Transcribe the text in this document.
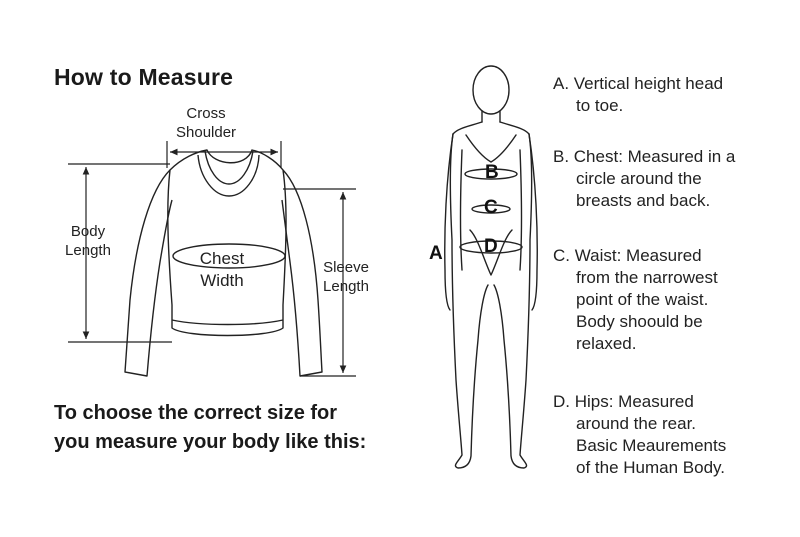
How to Measure
Cross
Shoulder
Body
Length	Chest
Width
Sleeve
Length
A
B
C
D
To choose the correct size for
you measure your body like this:
A. Vertical height head
to toe.
B. Chest: Measured in a
circle around the
breasts and back.
C. Waist: Measured
from the narrowest
point of the waist.
Body shoould be
relaxed.
D. Hips: Measured
around the rear.
Basic Meaurements
of the Human Body.
